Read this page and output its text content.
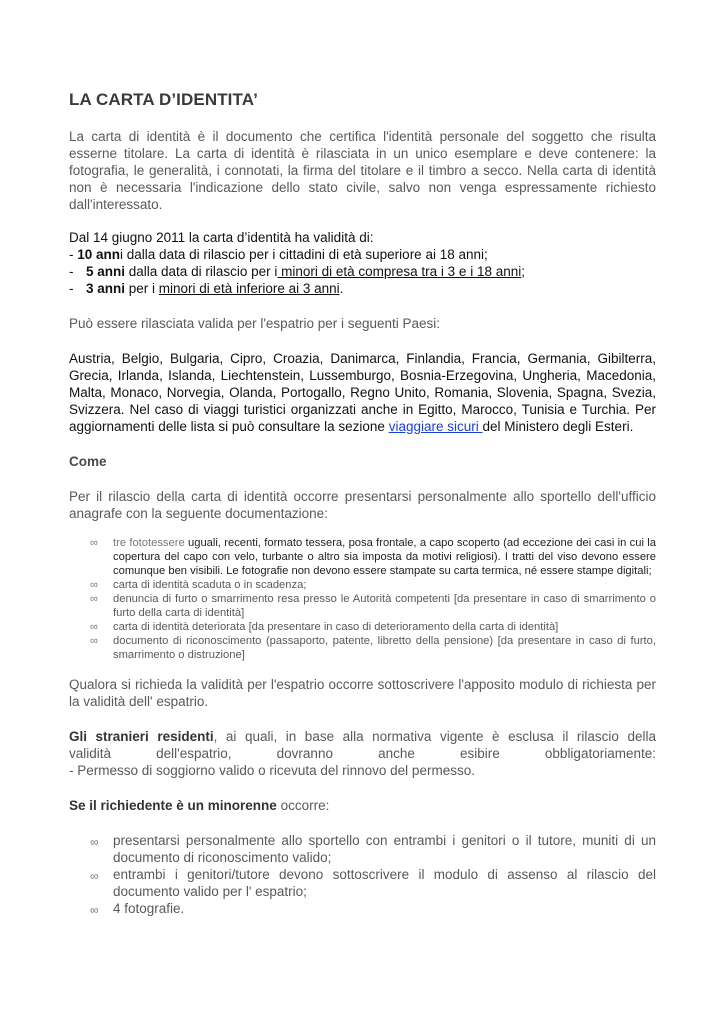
LA CARTA D’IDENTITA’

La carta di identità è il documento che certifica l'identità personale del soggetto che risulta esserne titolare. La carta di identità è rilasciata in un unico esemplare e deve contenere: la fotografia, le generalità, i connotati, la firma del titolare e il timbro a secco. Nella carta di identità non è necessaria l'indicazione dello stato civile, salvo non venga espressamente richiesto dall'interessato.

Dal 14 giugno 2011 la carta d’identità ha validità di:
- 10 anni dalla data di rilascio per i cittadini di età superiore ai 18 anni;
- 5 anni dalla data di rilascio per i minori di età compresa tra i 3 e i 18 anni;
- 3 anni per i minori di età inferiore ai 3 anni.

Può essere rilasciata valida per l'espatrio per i seguenti Paesi:

Austria, Belgio, Bulgaria, Cipro, Croazia, Danimarca, Finlandia, Francia, Germania, Gibilterra, Grecia, Irlanda, Islanda, Liechtenstein, Lussemburgo, Bosnia-Erzegovina, Ungheria, Macedonia, Malta, Monaco, Norvegia, Olanda, Portogallo, Regno Unito, Romania, Slovenia, Spagna, Svezia, Svizzera. Nel caso di viaggi turistici organizzati anche in Egitto, Marocco, Tunisia e Turchia. Per aggiornamenti delle lista si può consultare la sezione viaggiare sicuri del Ministero degli Esteri.

Come

Per il rilascio della carta di identità occorre presentarsi personalmente allo sportello dell'ufficio anagrafe con la seguente documentazione:

∞ tre fototessere uguali, recenti, formato tessera, posa frontale, a capo scoperto (ad eccezione dei casi in cui la copertura del capo con velo, turbante o altro sia imposta da motivi religiosi). I tratti del viso devono essere comunque ben visibili. Le fotografie non devono essere stampate su carta termica, né essere stampe digitali;
∞ carta di identità scaduta o in scadenza;
∞ denuncia di furto o smarrimento resa presso le Autorità competenti [da presentare in caso di smarrimento o furto della carta di identità]
∞ carta di identità deteriorata [da presentare in caso di deterioramento della carta di identità]
∞ documento di riconoscimento (passaporto, patente, libretto della pensione) [da presentare in caso di furto, smarrimento o distruzione]

Qualora si richieda la validità per l'espatrio occorre sottoscrivere l'apposito modulo di richiesta per la validità dell' espatrio.

Gli stranieri residenti, ai quali, in base alla normativa vigente è esclusa il rilascio della
validità dell'espatrio, dovranno anche esibire obbligatoriamente:
- Permesso di soggiorno valido o ricevuta del rinnovo del permesso.

Se il richiedente è un minorenne occorre:

∞ presentarsi personalmente allo sportello con entrambi i genitori o il tutore, muniti di un documento di riconoscimento valido;
∞ entrambi i genitori/tutore devono sottoscrivere il modulo di assenso al rilascio del documento valido per l' espatrio;
∞ 4 fotografie.
